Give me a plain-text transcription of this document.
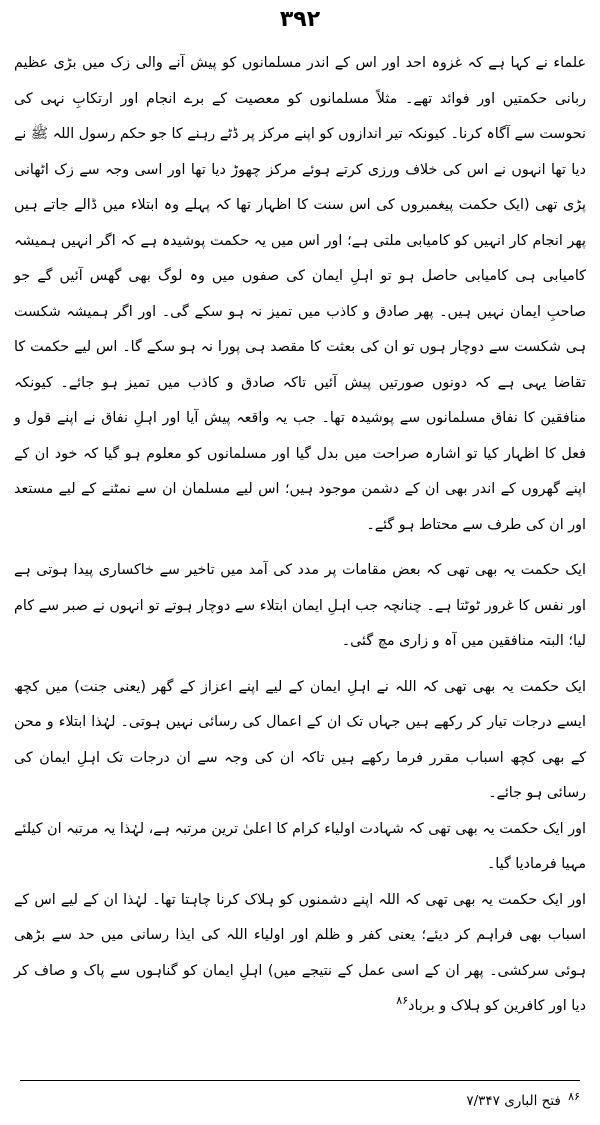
۳۹۲

علماء نے کہا ہے کہ غزوہ احد اور اس کے اندر مسلمانوں کو پیش آنے والی زک میں بڑی عظیم ربانی حکمتیں اور فوائد تھے۔ مثلاً مسلمانوں کو معصیت کے برے انجام اور ارتکابِ نہی کی نحوست سے آگاہ کرنا۔ کیونکہ تیر اندازوں کو اپنے مرکز پر ڈٹے رہنے کا جو حکم رسول اللہ ﷺ نے دیا تھا انہوں نے اس کی خلاف ورزی کرتے ہوئے مرکز چھوڑ دیا تھا اور اسی وجہ سے زک اٹھانی پڑی تھی (ایک حکمت پیغمبروں کی اس سنت کا اظہار تھا کہ پہلے وہ ابتلاء میں ڈالے جاتے ہیں پھر انجام کار انہیں کو کامیابی ملتی ہے؛ اور اس میں یہ حکمت پوشیدہ ہے کہ اگر انہیں ہمیشہ کامیابی ہی کامیابی حاصل ہو تو اہلِ ایمان کی صفوں میں وہ لوگ بھی گھس آئیں گے جو صاحبِ ایمان نہیں ہیں۔ پھر صادق و کاذب میں تمیز نہ ہو سکے گی۔ اور اگر ہمیشہ شکست ہی شکست سے دوچار ہوں تو ان کی بعثت کا مقصد ہی پورا نہ ہو سکے گا۔ اس لیے حکمت کا تقاضا یہی ہے کہ دونوں صورتیں پیش آئیں تاکہ صادق و کاذب میں تمیز ہو جائے۔ کیونکہ منافقین کا نفاق مسلمانوں سے پوشیدہ تھا۔ جب یہ واقعہ پیش آیا اور اہلِ نفاق نے اپنے قول و فعل کا اظہار کیا تو اشارہ صراحت میں بدل گیا اور مسلمانوں کو معلوم ہو گیا کہ خود ان کے اپنے گھروں کے اندر بھی ان کے دشمن موجود ہیں؛ اس لیے مسلمان ان سے نمٹنے کے لیے مستعد اور ان کی طرف سے محتاط ہو گئے۔

ایک حکمت یہ بھی تھی کہ بعض مقامات پر مدد کی آمد میں تاخیر سے خاکساری پیدا ہوتی ہے اور نفس کا غرور ٹوٹتا ہے۔ چنانچہ جب اہلِ ایمان ابتلاء سے دوچار ہوتے تو انہوں نے صبر سے کام لیا؛ البتہ منافقین میں آہ و زاری مچ گئی۔

ایک حکمت یہ بھی تھی کہ اللہ نے اہلِ ایمان کے لیے اپنے اعزاز کے گھر (یعنی جنت) میں کچھ ایسے درجات تیار کر رکھے ہیں جہاں تک ان کے اعمال کی رسائی نہیں ہوتی۔ لہٰذا ابتلاء و محن کے بھی کچھ اسباب مقرر فرما رکھے ہیں تاکہ ان کی وجہ سے ان درجات تک اہلِ ایمان کی رسائی ہو جائے۔

اور ایک حکمت یہ بھی تھی کہ شہادت اولیاء کرام کا اعلیٰ ترین مرتبہ ہے، لہٰذا یہ مرتبہ ان کیلئے مہیا فرمادیا گیا۔

اور ایک حکمت یہ بھی تھی کہ اللہ اپنے دشمنوں کو ہلاک کرنا چاہتا تھا۔ لہٰذا ان کے لیے اس کے اسباب بھی فراہم کر دیئے؛ یعنی کفر و ظلم اور اولیاء اللہ کی ایذا رسانی میں حد سے بڑھی ہوئی سرکشی۔ پھر ان کے اسی عمل کے نتیجے میں) اہلِ ایمان کو گناہوں سے پاک و صاف کر دیا اور کافرین کو ہلاک و برباد$^{۸۶}$

$^{۸۶}$ فتح الباری ۷/۳۴۷
